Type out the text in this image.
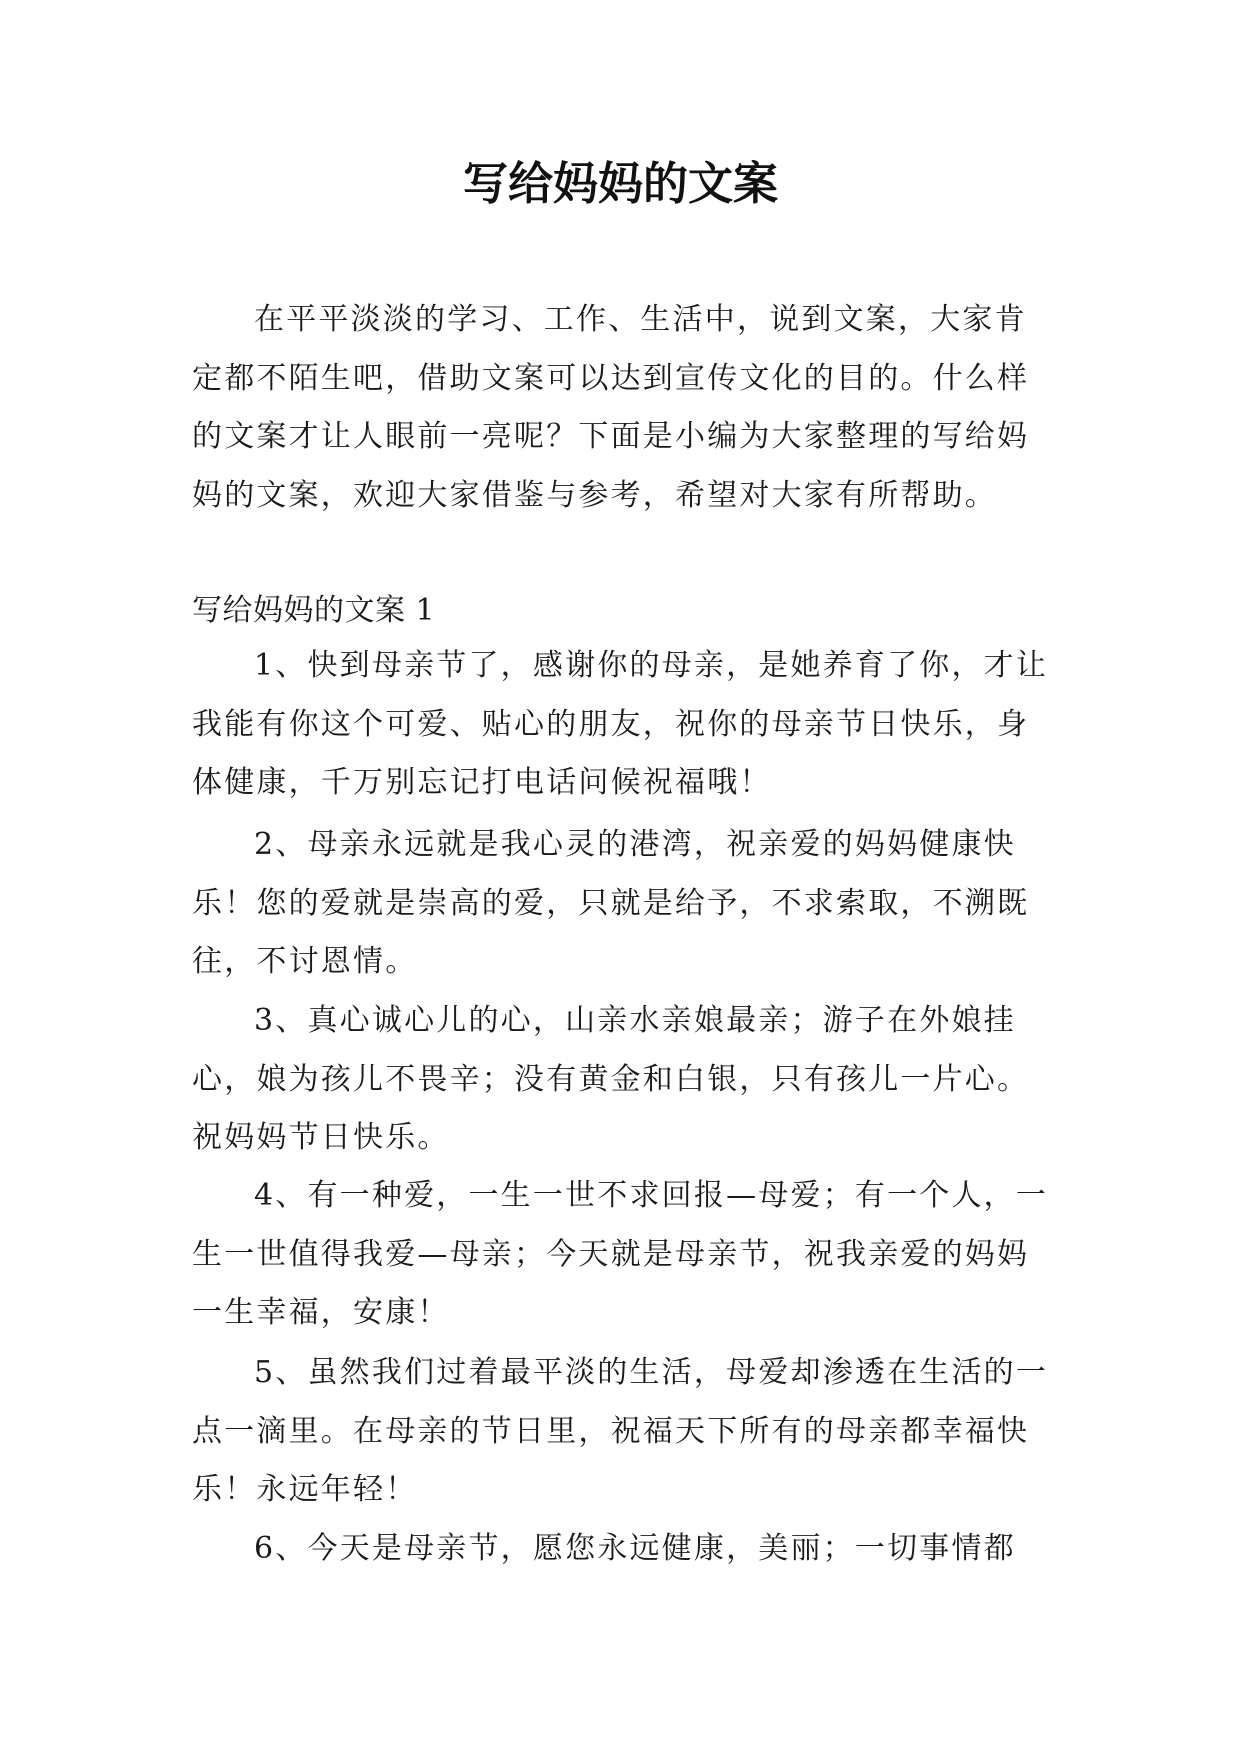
写给妈妈的文案

在平平淡淡的学习、工作、生活中，说到文案，大家肯定都不陌生吧，借助文案可以达到宣传文化的目的。什么样的文案才让人眼前一亮呢？下面是小编为大家整理的写给妈妈的文案，欢迎大家借鉴与参考，希望对大家有所帮助。

写给妈妈的文案 1

1、快到母亲节了，感谢你的母亲，是她养育了你，才让我能有你这个可爱、贴心的朋友，祝你的母亲节日快乐，身体健康，千万别忘记打电话问候祝福哦！

2、母亲永远就是我心灵的港湾，祝亲爱的妈妈健康快乐！您的爱就是崇高的爱，只就是给予，不求索取，不溯既往，不讨恩情。

3、真心诚心儿的心，山亲水亲娘最亲；游子在外娘挂心，娘为孩儿不畏辛；没有黄金和白银，只有孩儿一片心。祝妈妈节日快乐。

4、有一种爱，一生一世不求回报—母爱；有一个人，一生一世值得我爱—母亲；今天就是母亲节，祝我亲爱的妈妈一生幸福，安康！

5、虽然我们过着最平淡的生活，母爱却渗透在生活的一点一滴里。在母亲的节日里，祝福天下所有的母亲都幸福快乐！永远年轻！

6、今天是母亲节，愿您永远健康，美丽；一切事情都
